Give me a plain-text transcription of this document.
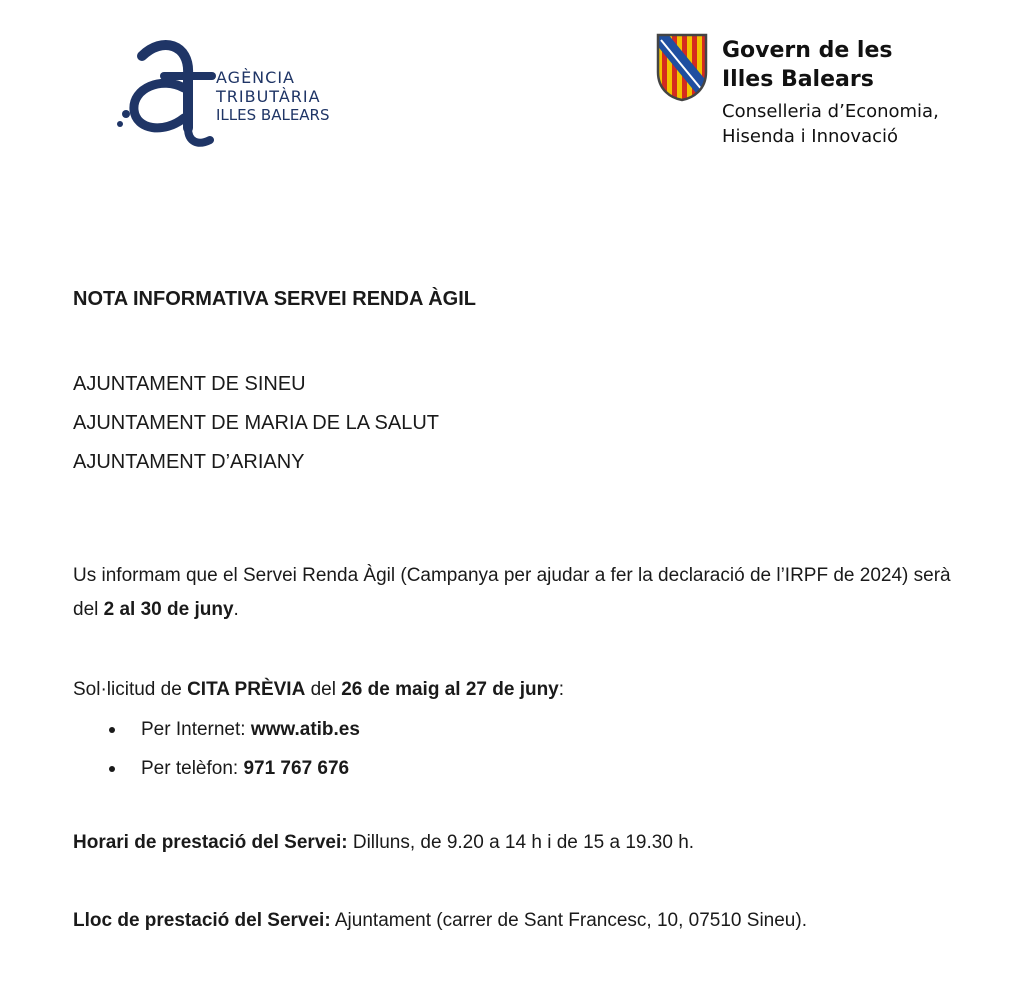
AGÈNCIA
TRIBUTÀRIA
ILLES BALEARS
Govern de les
Illes Balears
Conselleria d’Economia,
Hisenda i Innovació
NOTA INFORMATIVA SERVEI RENDA ÀGIL
AJUNTAMENT DE SINEU
AJUNTAMENT DE MARIA DE LA SALUT
AJUNTAMENT D’ARIANY
Us informam que el Servei Renda Àgil (Campanya per ajudar a fer la declaració de l’IRPF de 2024) serà del 2 al 30 de juny.
Sol·licitud de CITA PRÈVIA del 26 de maig al 27 de juny:
Per Internet: www.atib.es
Per telèfon: 971 767 676
Horari de prestació del Servei: Dilluns, de 9.20 a 14 h i de 15 a 19.30 h.
Lloc de prestació del Servei: Ajuntament (carrer de Sant Francesc, 10, 07510 Sineu).
